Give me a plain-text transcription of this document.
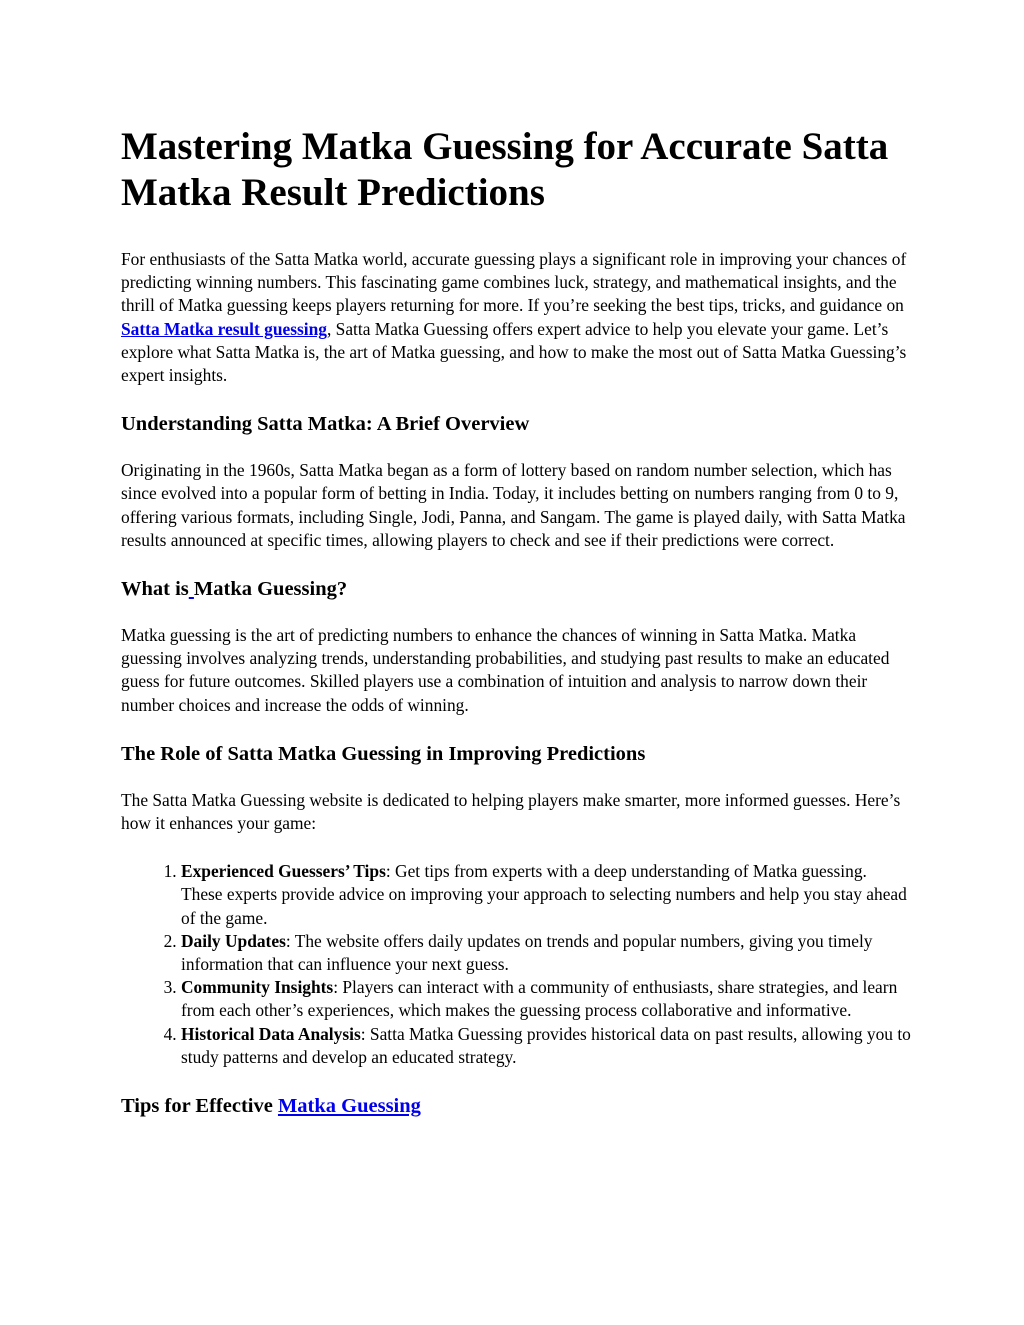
Mastering Matka Guessing for Accurate Satta Matka Result Predictions

For enthusiasts of the Satta Matka world, accurate guessing plays a significant role in improving your chances of predicting winning numbers. This fascinating game combines luck, strategy, and mathematical insights, and the thrill of Matka guessing keeps players returning for more. If you’re seeking the best tips, tricks, and guidance on Satta Matka result guessing, Satta Matka Guessing offers expert advice to help you elevate your game. Let’s explore what Satta Matka is, the art of Matka guessing, and how to make the most out of Satta Matka Guessing’s expert insights.

Understanding Satta Matka: A Brief Overview

Originating in the 1960s, Satta Matka began as a form of lottery based on random number selection, which has since evolved into a popular form of betting in India. Today, it includes betting on numbers ranging from 0 to 9, offering various formats, including Single, Jodi, Panna, and Sangam. The game is played daily, with Satta Matka results announced at specific times, allowing players to check and see if their predictions were correct.

What is Matka Guessing?

Matka guessing is the art of predicting numbers to enhance the chances of winning in Satta Matka. Matka guessing involves analyzing trends, understanding probabilities, and studying past results to make an educated guess for future outcomes. Skilled players use a combination of intuition and analysis to narrow down their number choices and increase the odds of winning.

The Role of Satta Matka Guessing in Improving Predictions

The Satta Matka Guessing website is dedicated to helping players make smarter, more informed guesses. Here’s how it enhances your game:

1. Experienced Guessers’ Tips: Get tips from experts with a deep understanding of Matka guessing. These experts provide advice on improving your approach to selecting numbers and help you stay ahead of the game.
2. Daily Updates: The website offers daily updates on trends and popular numbers, giving you timely information that can influence your next guess.
3. Community Insights: Players can interact with a community of enthusiasts, share strategies, and learn from each other’s experiences, which makes the guessing process collaborative and informative.
4. Historical Data Analysis: Satta Matka Guessing provides historical data on past results, allowing you to study patterns and develop an educated strategy.
Tips for Effective Matka Guessing
